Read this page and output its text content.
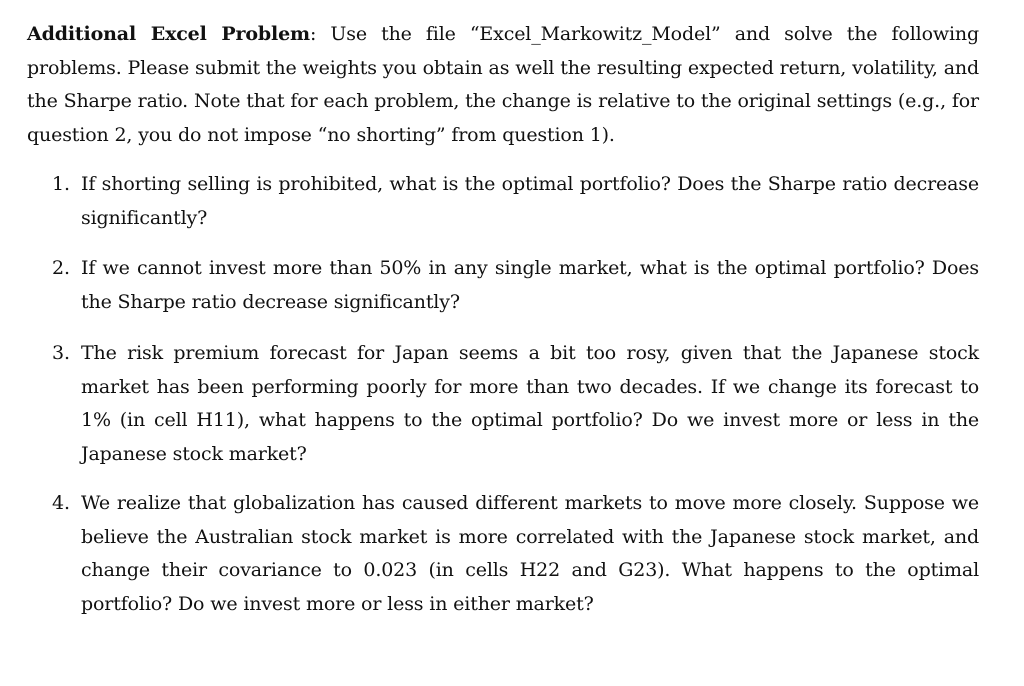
Additional Excel Problem: Use the file “Excel_Markowitz_Model” and solve the following problems. Please submit the weights you obtain as well the resulting expected return, volatility, and the Sharpe ratio. Note that for each problem, the change is relative to the original settings (e.g., for question 2, you do not impose “no shorting” from question 1).

1. If shorting selling is prohibited, what is the optimal portfolio? Does the Sharpe ratio decrease significantly?
2. If we cannot invest more than 50% in any single market, what is the optimal portfolio? Does the Sharpe ratio decrease significantly?
3. The risk premium forecast for Japan seems a bit too rosy, given that the Japanese stock market has been performing poorly for more than two decades. If we change its forecast to 1% (in cell H11), what happens to the optimal portfolio? Do we invest more or less in the Japanese stock market?
4. We realize that globalization has caused different markets to move more closely. Suppose we believe the Australian stock market is more correlated with the Japanese stock market, and change their covariance to 0.023 (in cells H22 and G23). What happens to the optimal portfolio? Do we invest more or less in either market?
